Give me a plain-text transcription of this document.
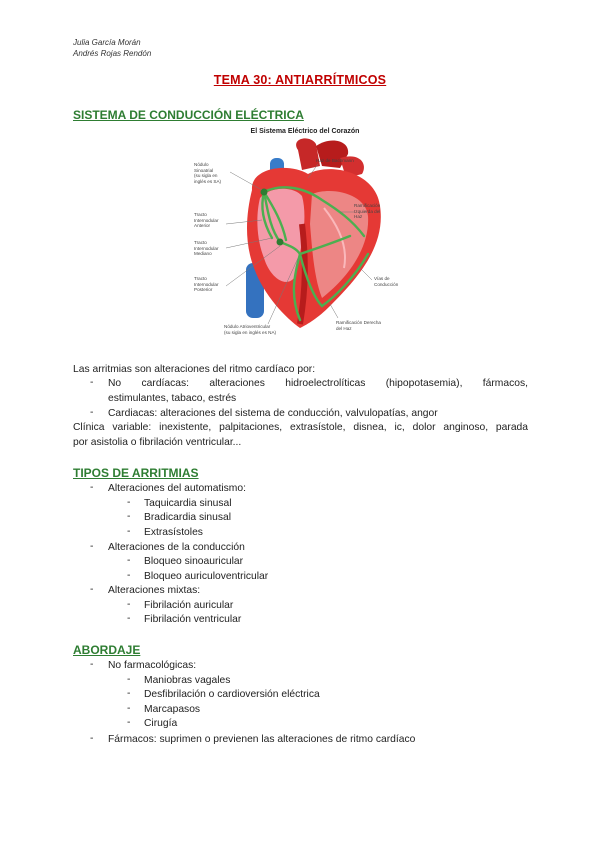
Julia García Morán
Andrés Rojas Rendón
TEMA 30: ANTIARRÍTMICOS
SISTEMA DE CONDUCCIÓN ELÉCTRICA
El Sistema Eléctrico del Corazón
Nódulo
Sinoatrial
(su sigla en
inglés es SA)
Haz de Bachmann
Ramificación
Izquierda del
Haz
Tracto
Internodular
Anterior
Tracto
Internodular
Mediano
Tracto
Internodular
Posterior
Vías de
Conducción
Ramificación Derecha
del Haz
Nódulo Atrioventricular
(su sigla en inglés es NA)
Las arritmias son alteraciones del ritmo cardíaco por:
- No cardíacas: alteraciones hidroelectrolíticas (hipopotasemia), fármacos,
estimulantes, tabaco, estrés
- Cardiacas: alteraciones del sistema de conducción, valvulopatías, angor
Clínica variable: inexistente, palpitaciones, extrasístole, disnea, ic, dolor anginoso, parada
por asistolia o fibrilación ventricular...
TIPOS DE ARRITMIAS
- Alteraciones del automatismo:
- Taquicardia sinusal
- Bradicardia sinusal
- Extrasístoles
- Alteraciones de la conducción
- Bloqueo sinoauricular
- Bloqueo auriculoventricular
- Alteraciones mixtas:
- Fibrilación auricular
- Fibrilación ventricular
ABORDAJE
- No farmacológicas:
- Maniobras vagales
- Desfibrilación o cardioversión eléctrica
- Marcapasos
- Cirugía
- Fármacos: suprimen o previenen las alteraciones de ritmo cardíaco
